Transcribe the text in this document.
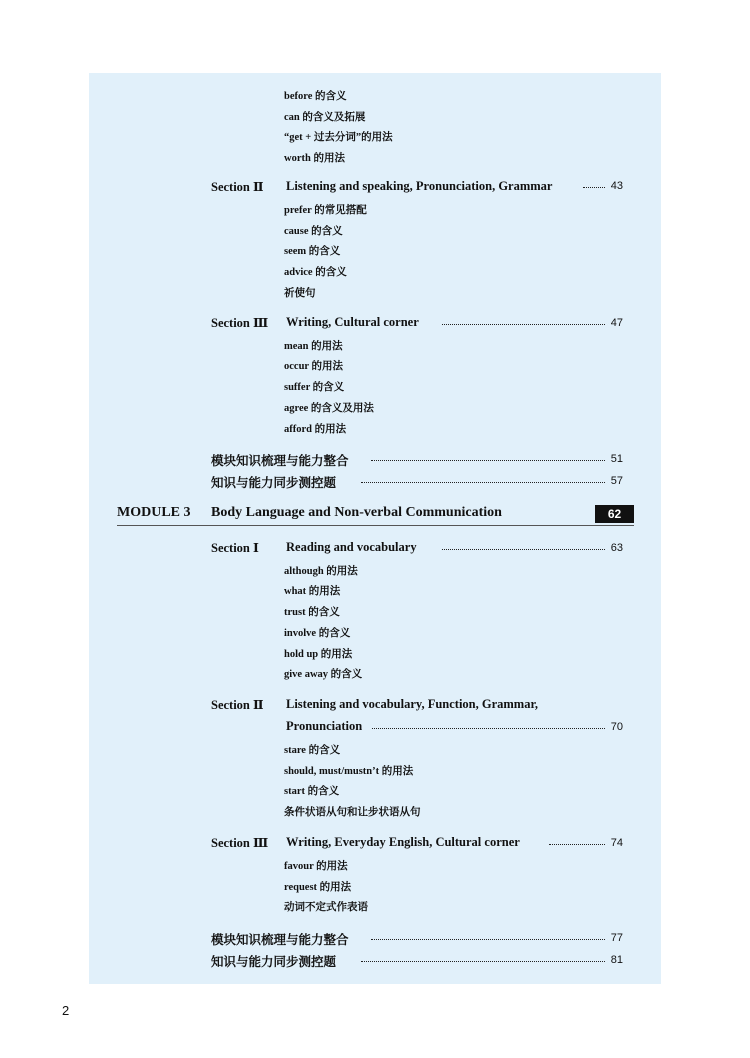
before 的含义
can 的含义及拓展
“get + 过去分词”的用法
worth 的用法
Section Ⅱ Listening and speaking, Pronunciation, Grammar	43
prefer 的常见搭配
cause 的含义
seem 的含义
advice 的含义
祈使句
Section Ⅲ Writing, Cultural corner	47
mean 的用法
occur 的用法
suffer 的含义
agree 的含义及用法
afford 的用法
模块知识梳理与能力整合	51
知识与能力同步测控题	57
MODULE 3 Body Language and Non-verbal Communication	62
Section Ⅰ Reading and vocabulary	63
although 的用法
what 的用法
trust 的含义
involve 的含义
hold up 的用法
give away 的含义
Section Ⅱ Listening and vocabulary, Function, Grammar,
Pronunciation	70
stare 的含义
should, must/mustn’t 的用法
start 的含义
条件状语从句和让步状语从句
Section Ⅲ Writing, Everyday English, Cultural corner	74
favour 的用法
request 的用法
动词不定式作表语
模块知识梳理与能力整合	77
知识与能力同步测控题	81
2
